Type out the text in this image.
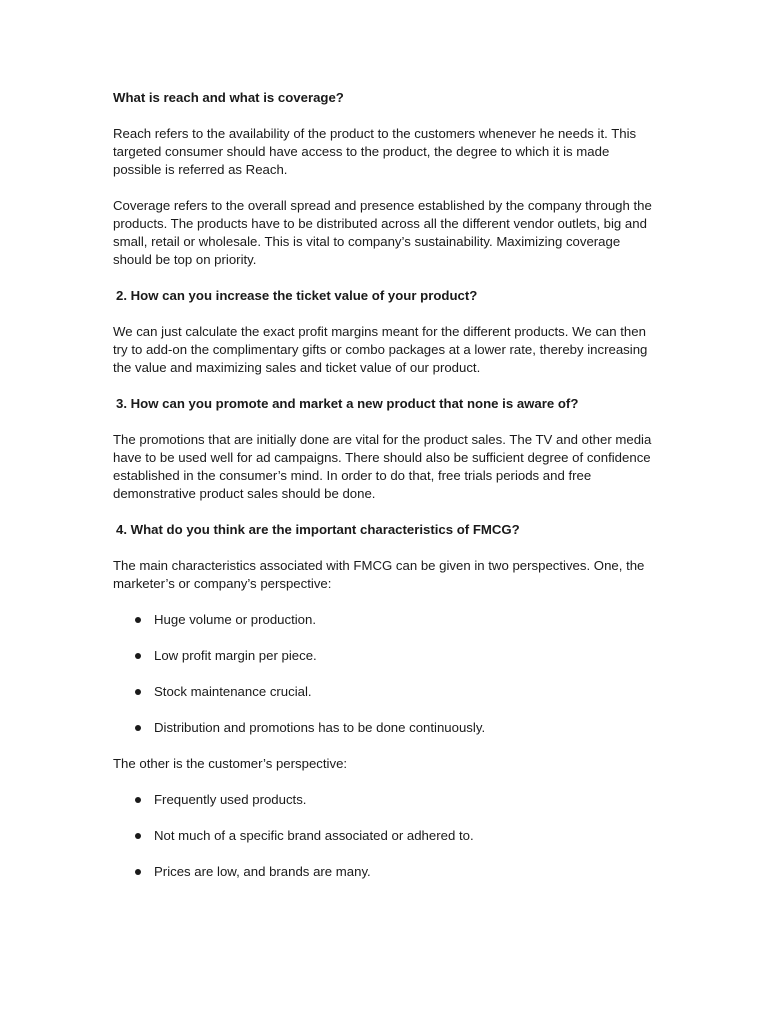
What is reach and what is coverage?

Reach refers to the availability of the product to the customers whenever he needs it. This targeted consumer should have access to the product, the degree to which it is made possible is referred as Reach.

Coverage refers to the overall spread and presence established by the company through the products. The products have to be distributed across all the different vendor outlets, big and small, retail or wholesale. This is vital to company’s sustainability. Maximizing coverage should be top on priority.

2. How can you increase the ticket value of your product?

We can just calculate the exact profit margins meant for the different products. We can then try to add-on the complimentary gifts or combo packages at a lower rate, thereby increasing the value and maximizing sales and ticket value of our product.

3. How can you promote and market a new product that none is aware of?

The promotions that are initially done are vital for the product sales. The TV and other media have to be used well for ad campaigns. There should also be sufficient degree of confidence established in the consumer’s mind. In order to do that, free trials periods and free demonstrative product sales should be done.

4. What do you think are the important characteristics of FMCG?

The main characteristics associated with FMCG can be given in two perspectives. One, the marketer’s or company’s perspective:

Huge volume or production.
Low profit margin per piece.
Stock maintenance crucial.
Distribution and promotions has to be done continuously.

The other is the customer’s perspective:

Frequently used products.
Not much of a specific brand associated or adhered to.
Prices are low, and brands are many.
